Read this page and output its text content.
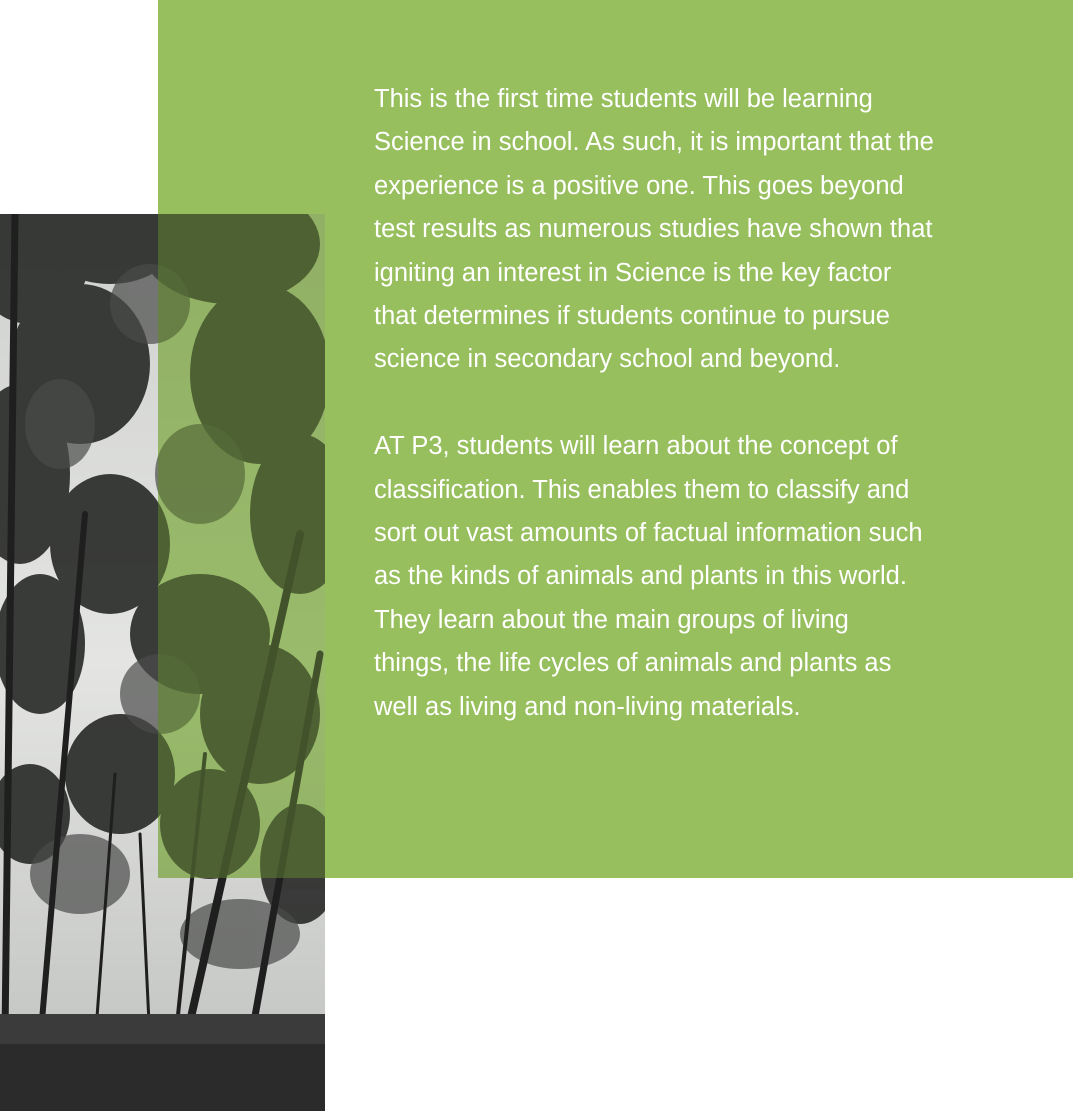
This is the first time students will be learning
Science in school. As such, it is important that the
experience is a positive one. This goes beyond
test results as numerous studies have shown that
igniting an interest in Science is the key factor
that determines if students continue to pursue
science in secondary school and beyond.

AT P3, students will learn about the concept of
classification. This enables them to classify and
sort out vast amounts of factual information such
as the kinds of animals and plants in this world.
They learn about the main groups of living
things, the life cycles of animals and plants as
well as living and non-living materials.
